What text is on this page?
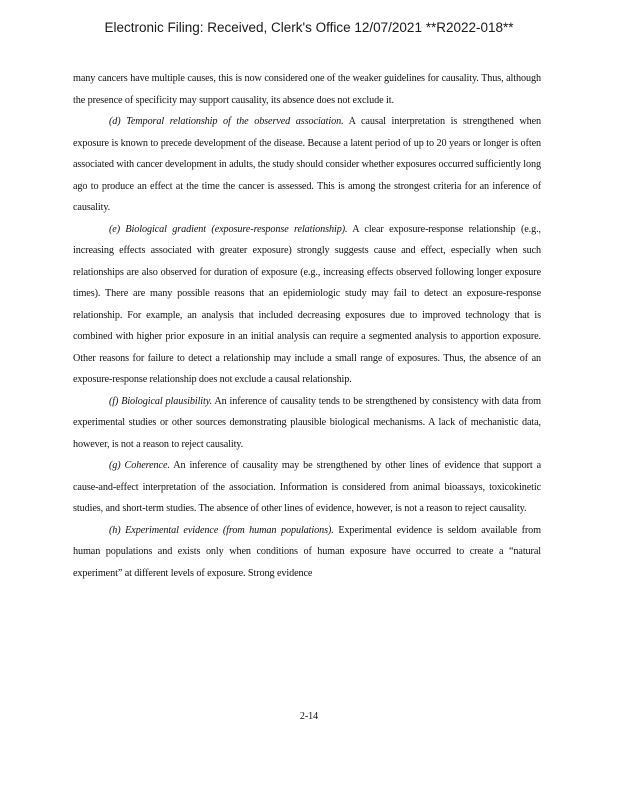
Electronic Filing: Received, Clerk's Office 12/07/2021 **R2022-018**

many cancers have multiple causes, this is now considered one of the weaker guidelines for causality. Thus, although the presence of specificity may support causality, its absence does not exclude it.

(d) Temporal relationship of the observed association. A causal interpretation is strengthened when exposure is known to precede development of the disease. Because a latent period of up to 20 years or longer is often associated with cancer development in adults, the study should consider whether exposures occurred sufficiently long ago to produce an effect at the time the cancer is assessed. This is among the strongest criteria for an inference of causality.

(e) Biological gradient (exposure-response relationship). A clear exposure-response relationship (e.g., increasing effects associated with greater exposure) strongly suggests cause and effect, especially when such relationships are also observed for duration of exposure (e.g., increasing effects observed following longer exposure times). There are many possible reasons that an epidemiologic study may fail to detect an exposure-response relationship. For example, an analysis that included decreasing exposures due to improved technology that is combined with higher prior exposure in an initial analysis can require a segmented analysis to apportion exposure. Other reasons for failure to detect a relationship may include a small range of exposures. Thus, the absence of an exposure-response relationship does not exclude a causal relationship.

(f) Biological plausibility. An inference of causality tends to be strengthened by consistency with data from experimental studies or other sources demonstrating plausible biological mechanisms. A lack of mechanistic data, however, is not a reason to reject causality.

(g) Coherence. An inference of causality may be strengthened by other lines of evidence that support a cause-and-effect interpretation of the association. Information is considered from animal bioassays, toxicokinetic studies, and short-term studies. The absence of other lines of evidence, however, is not a reason to reject causality.

(h) Experimental evidence (from human populations). Experimental evidence is seldom available from human populations and exists only when conditions of human exposure have occurred to create a “natural experiment” at different levels of exposure. Strong evidence

2-14
